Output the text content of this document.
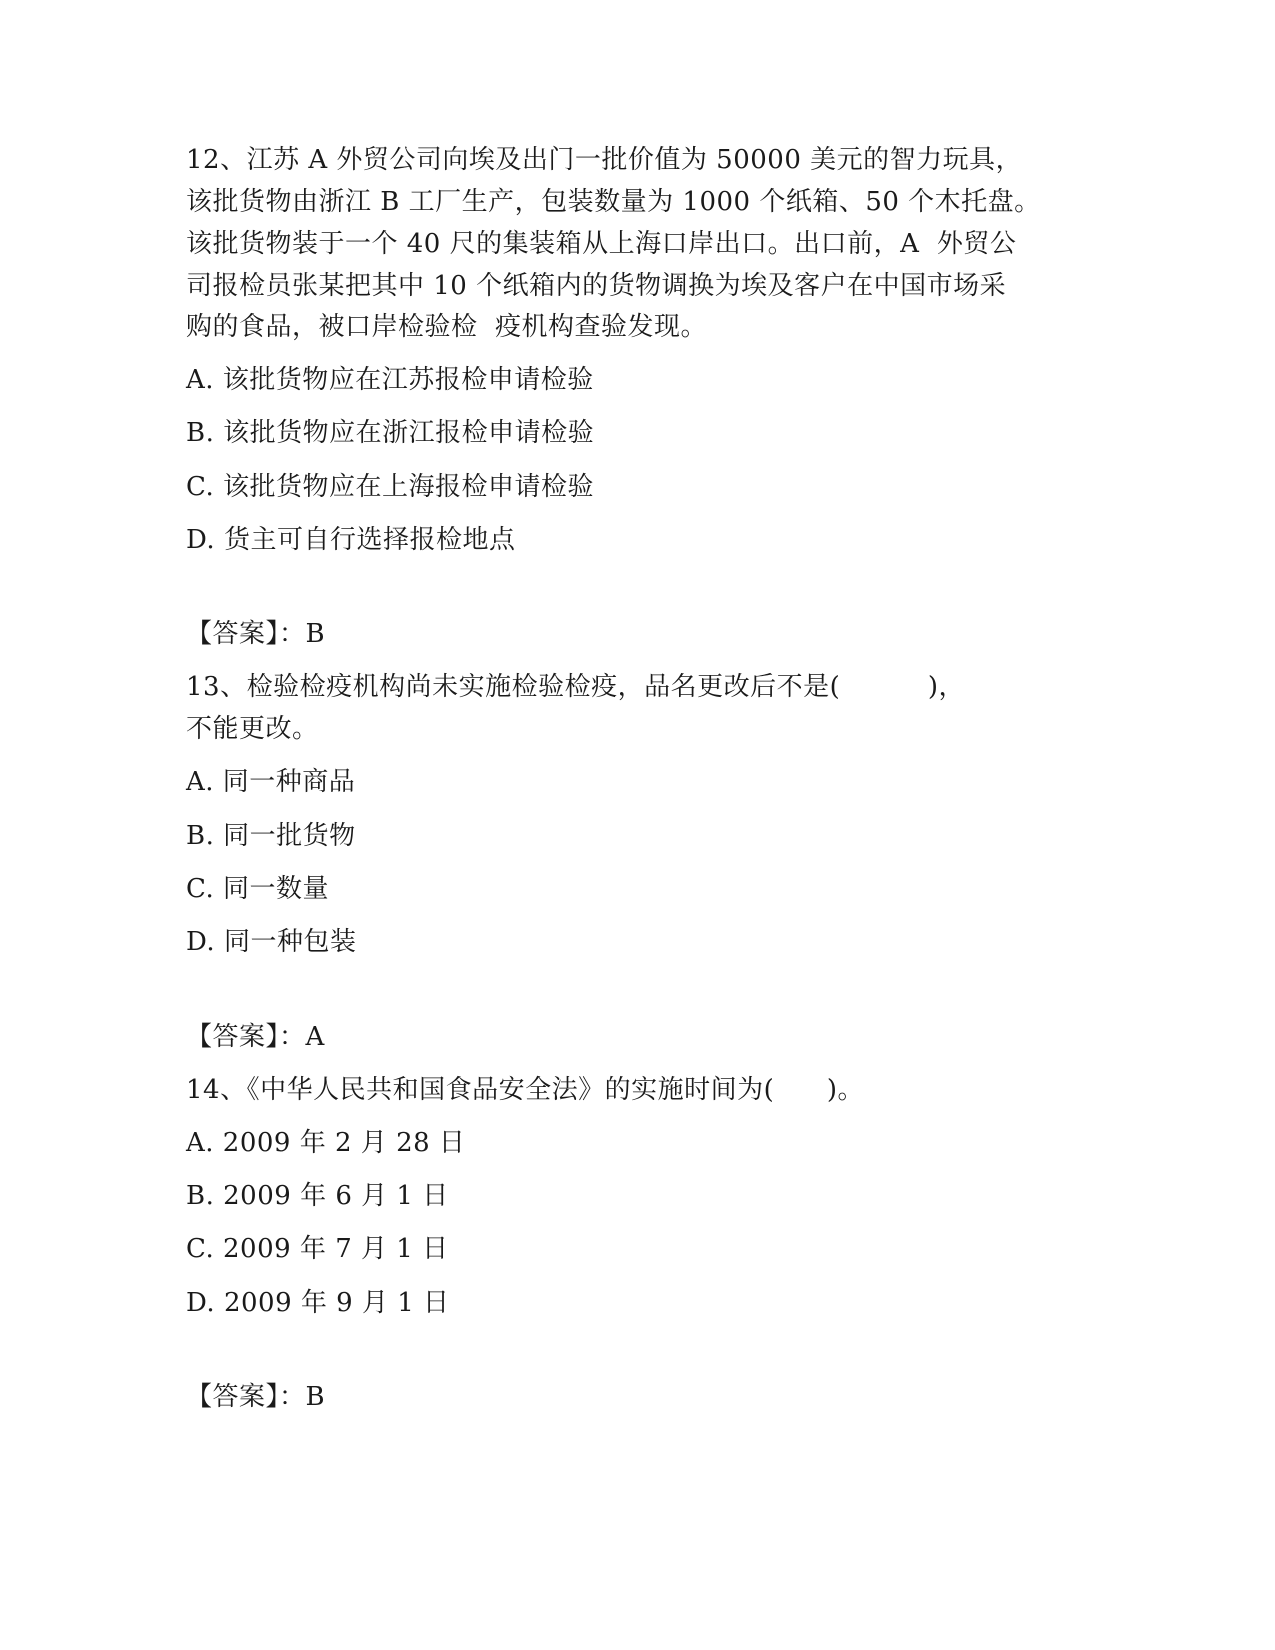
12、江苏 A 外贸公司向埃及出门一批价值为 50000 美元的智力玩具，
该批货物由浙江 B 工厂生产，包装数量为 1000 个纸箱、50 个木托盘。
该批货物装于一个 40 尺的集装箱从上海口岸出口。出口前，A  外贸公
司报检员张某把其中 10 个纸箱内的货物调换为埃及客户在中国市场采
购的食品，被口岸检验检  疫机构查验发现。
A. 该批货物应在江苏报检申请检验
B. 该批货物应在浙江报检申请检验
C. 该批货物应在上海报检申请检验
D. 货主可自行选择报检地点
【答案】：B
13、检验检疫机构尚未实施检验检疫，品名更改后不是(          )，
不能更改。
A. 同一种商品
B. 同一批货物
C. 同一数量
D. 同一种包装
【答案】：A
14、《中华人民共和国食品安全法》的实施时间为(      )。
A. 2009 年 2 月 28 日
B. 2009 年 6 月 1 日
C. 2009 年 7 月 1 日
D. 2009 年 9 月 1 日
【答案】：B
